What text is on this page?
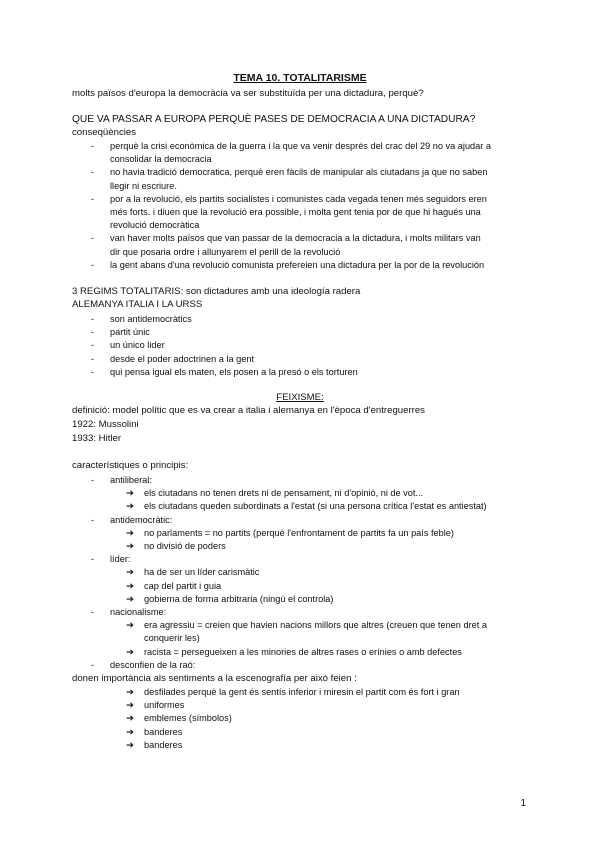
TEMA 10. TOTALITARISME
molts països d'europa la democràcia va ser substituïda per una dictadura, perquè?
QUE VA PASSAR A EUROPA PERQUÈ PASES DE DEMOCRACIA A UNA DICTADURA?
conseqüències
- perquè la crisi econòmica de la guerra i la que va venir després del crac del 29 no va ajudar a
consolidar la democracia
- no havia tradició democratica, perquè eren fàcils de manipular als ciutadans ja que no saben
llegir ni escriure.
- por a la revolució, els partits socialistes i comunistes cada vegada tenen més seguidors eren
més forts. i diuen que la revolució era possible, i molta gent tenia por de que hi hagués una
revolució democràtica
- van haver molts països que van passar de la democracia a la dictadura, i molts militars van
dir que posaria ordre i allunyarem el perill de la revolució
- la gent abans d'una revolució comunista prefereien una dictadura per la por de la revolución
3 REGIMS TOTALITARIS: son dictadures amb una ideología radera
ALEMANYA ITALIA I LA URSS
- son antidemocràtics
- partit únic
- un único lider
- desde el poder adoctrinen a la gent
- qui pensa igual els maten, els posen a la presó o els torturen
FEIXISME:
definició: model polític que es va crear a italia i alemanya en l'època d'entreguerres
1922: Mussolini
1933: Hitler
característiques o principis:
- antiliberal:
➔ els ciutadans no tenen drets ni de pensament, ni d'opinió, ni de vot...
➔ els ciutadans queden subordinats a l'estat (si una persona crítica l'estat es antiestat)
- antidemocràtic:
➔ no parlaments = no partits (perquè l'enfrontament de partits fa un país feble)
➔ no divisió de poders
- líder:
➔ ha de ser un líder carismàtic
➔ cap del partit i guia
➔ gobierna de forma arbitraria (ningú el controla)
- nacionalisme:
➔ era agressiu = creien que havien nacions millors que altres (creuen que tenen dret a
conquerir les)
➔ racista = persegueixen a les minories de altres rases o erínies o amb defectes
- desconfien de la raó:
donen importància als sentiments a la escenografía per això feien :
➔ desfilades perquè la gent és sentís inferior i miresin el partit com és fort i gran
➔ uniformes
➔ emblemes (símbolos)
➔ banderes
➔ banderes
1
